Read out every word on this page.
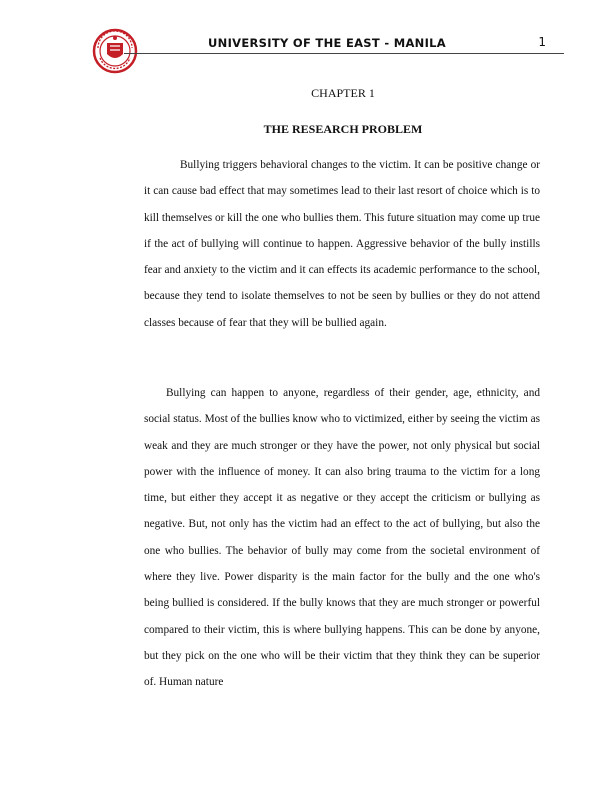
UNIVERSITY OF THE EAST - MANILA	1
CHAPTER 1
THE RESEARCH PROBLEM

Bullying triggers behavioral changes to the victim. It can be positive change or it can cause bad effect that may sometimes lead to their last resort of choice which is to kill themselves or kill the one who bullies them. This future situation may come up true if the act of bullying will continue to happen. Aggressive behavior of the bully instills fear and anxiety to the victim and it can effects its academic performance to the school, because they tend to isolate themselves to not be seen by bullies or they do not attend classes because of fear that they will be bullied again.

Bullying can happen to anyone, regardless of their gender, age, ethnicity, and social status. Most of the bullies know who to victimized, either by seeing the victim as weak and they are much stronger or they have the power, not only physical but social power with the influence of money. It can also bring trauma to the victim for a long time, but either they accept it as negative or they accept the criticism or bullying as negative. But, not only has the victim had an effect to the act of bullying, but also the one who bullies. The behavior of bully may come from the societal environment of where they live. Power disparity is the main factor for the bully and the one who's being bullied is considered. If the bully knows that they are much stronger or powerful compared to their victim, this is where bullying happens. This can be done by anyone, but they pick on the one who will be their victim that they think they can be superior of. Human nature
